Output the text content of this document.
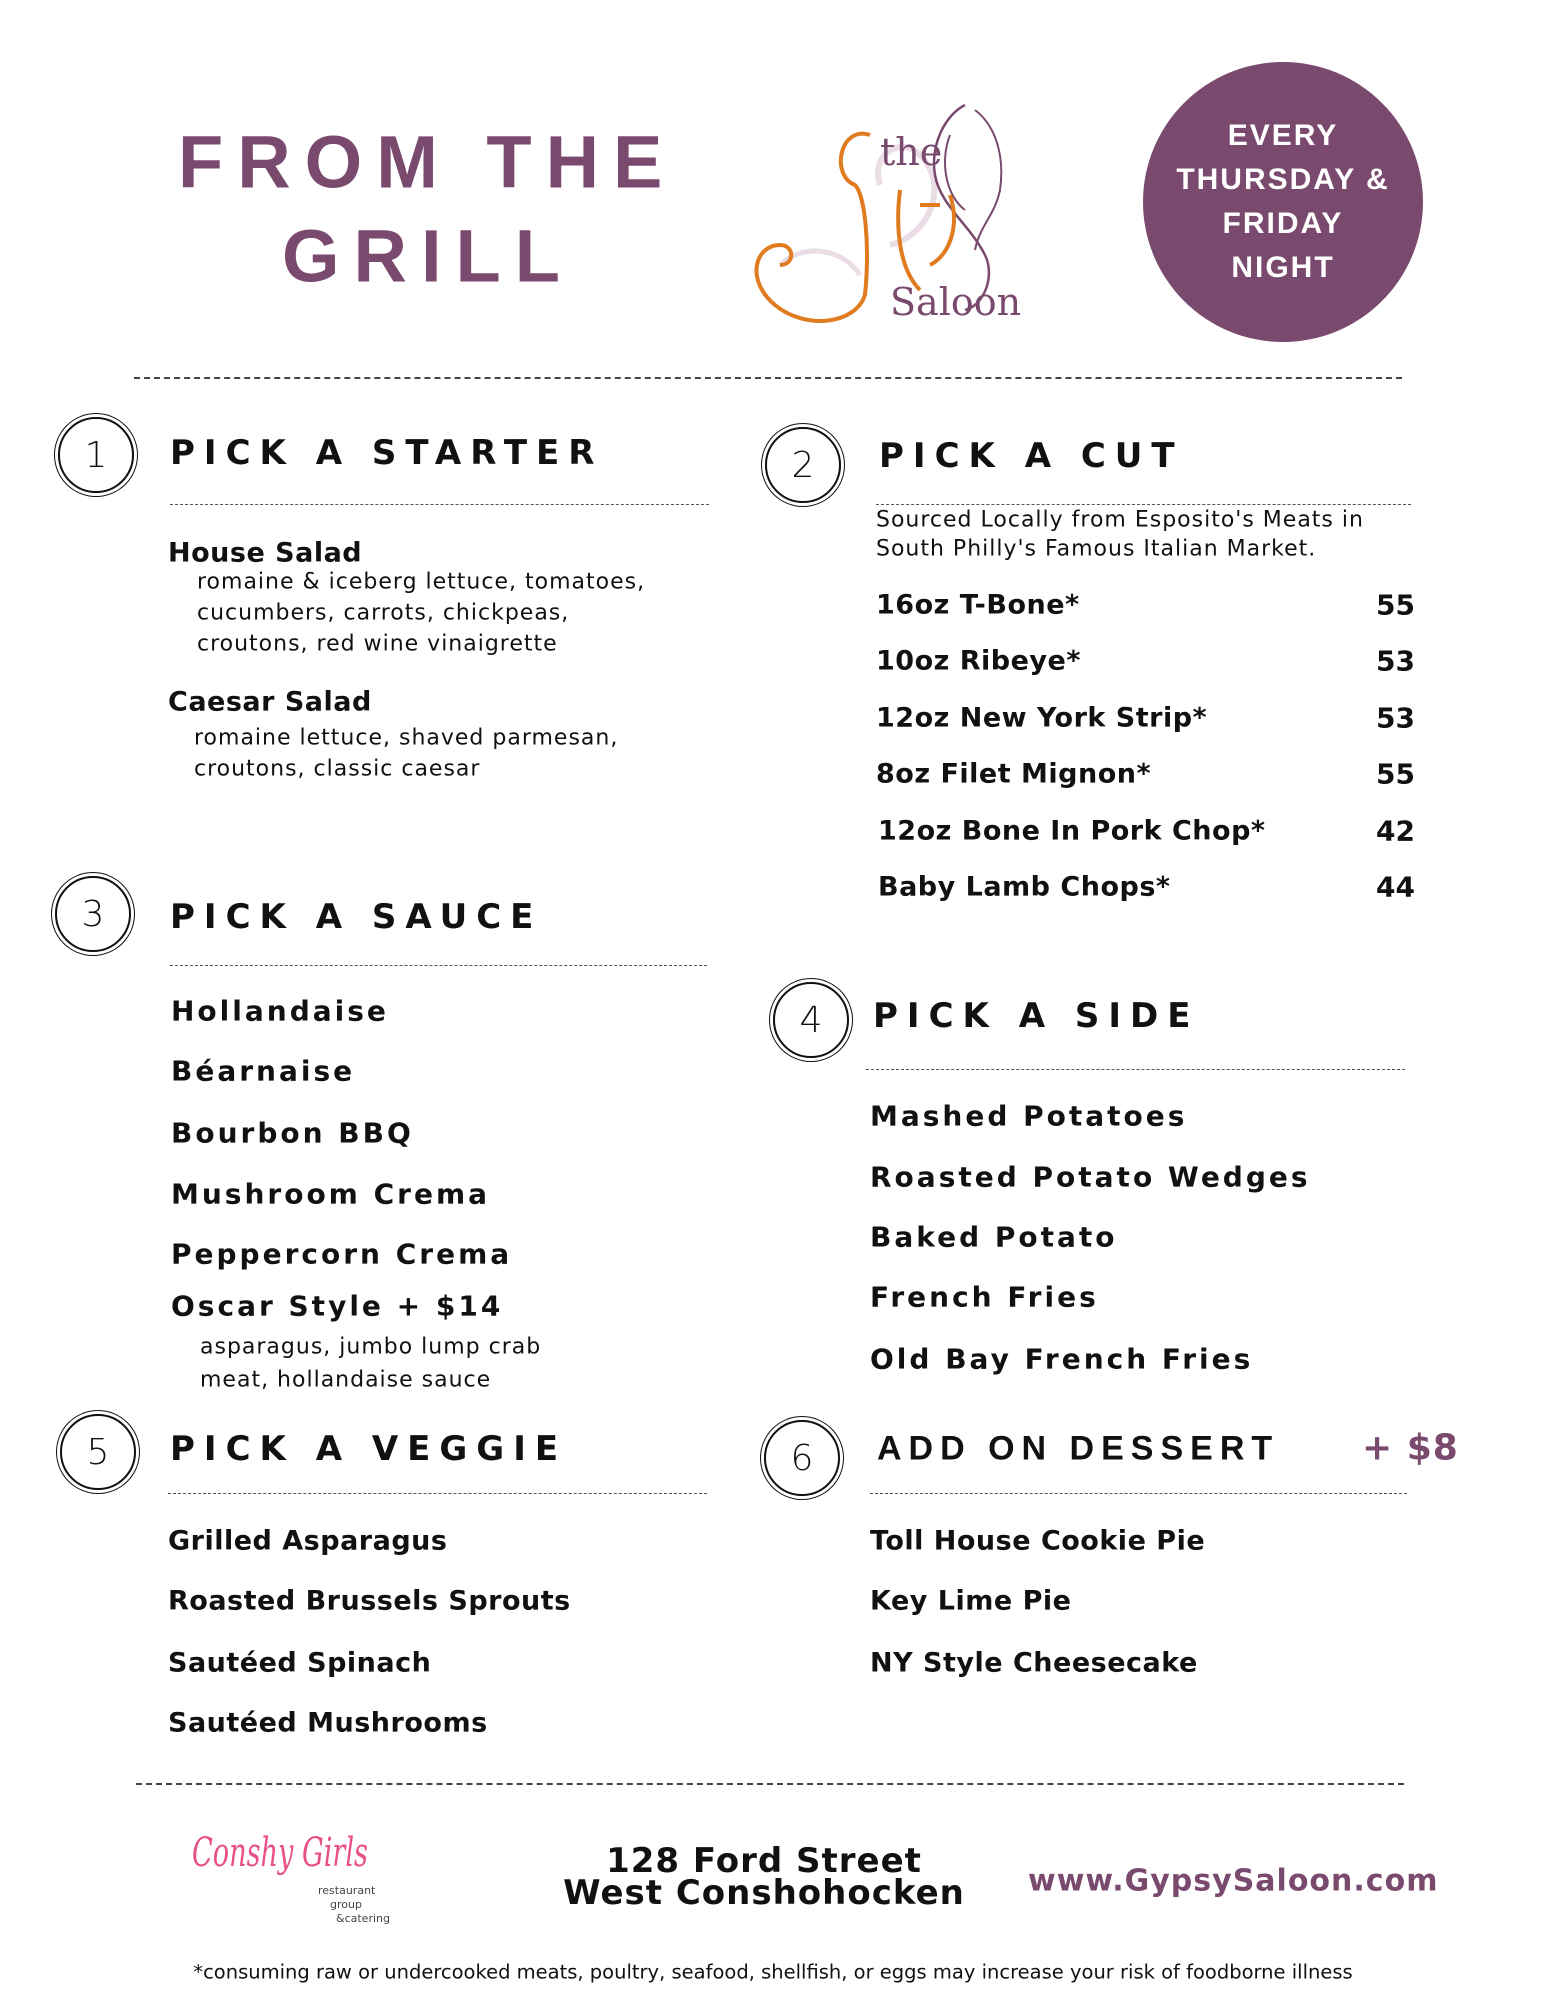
FROM THE
GRILL
the
Saloon
EVERY
THURSDAY &
FRIDAY
NIGHT
1	PICK A STARTER
House Salad
romaine & iceberg lettuce, tomatoes,
cucumbers, carrots, chickpeas,
croutons, red wine vinaigrette
Caesar Salad
romaine lettuce, shaved parmesan,
croutons, classic caesar
3	PICK A SAUCE
Hollandaise
Béarnaise
Bourbon BBQ
Mushroom Crema
Peppercorn Crema
Oscar Style + $14
asparagus, jumbo lump crab
meat, hollandaise sauce
5	PICK A VEGGIE
Grilled Asparagus
Roasted Brussels Sprouts
Sautéed Spinach
Sautéed Mushrooms
2	PICK A CUT
Sourced Locally from Esposito's Meats in
South Philly's Famous Italian Market.
16oz T-Bone*	55
10oz Ribeye*	53
12oz New York Strip*	53
8oz Filet Mignon*	55
12oz Bone In Pork Chop*	42
Baby Lamb Chops*	44
4	PICK A SIDE
Mashed Potatoes
Roasted Potato Wedges
Baked Potato
French Fries
Old Bay French Fries
6	ADD ON DESSERT + $8
Toll House Cookie Pie
Key Lime Pie
NY Style Cheesecake
Conshy Girls
restaurant
group
&catering
128 Ford Street
West Conshohocken www.GypsySaloon.com
*consuming raw or undercooked meats, poultry, seafood, shellfish, or eggs may increase your risk of foodborne illness
